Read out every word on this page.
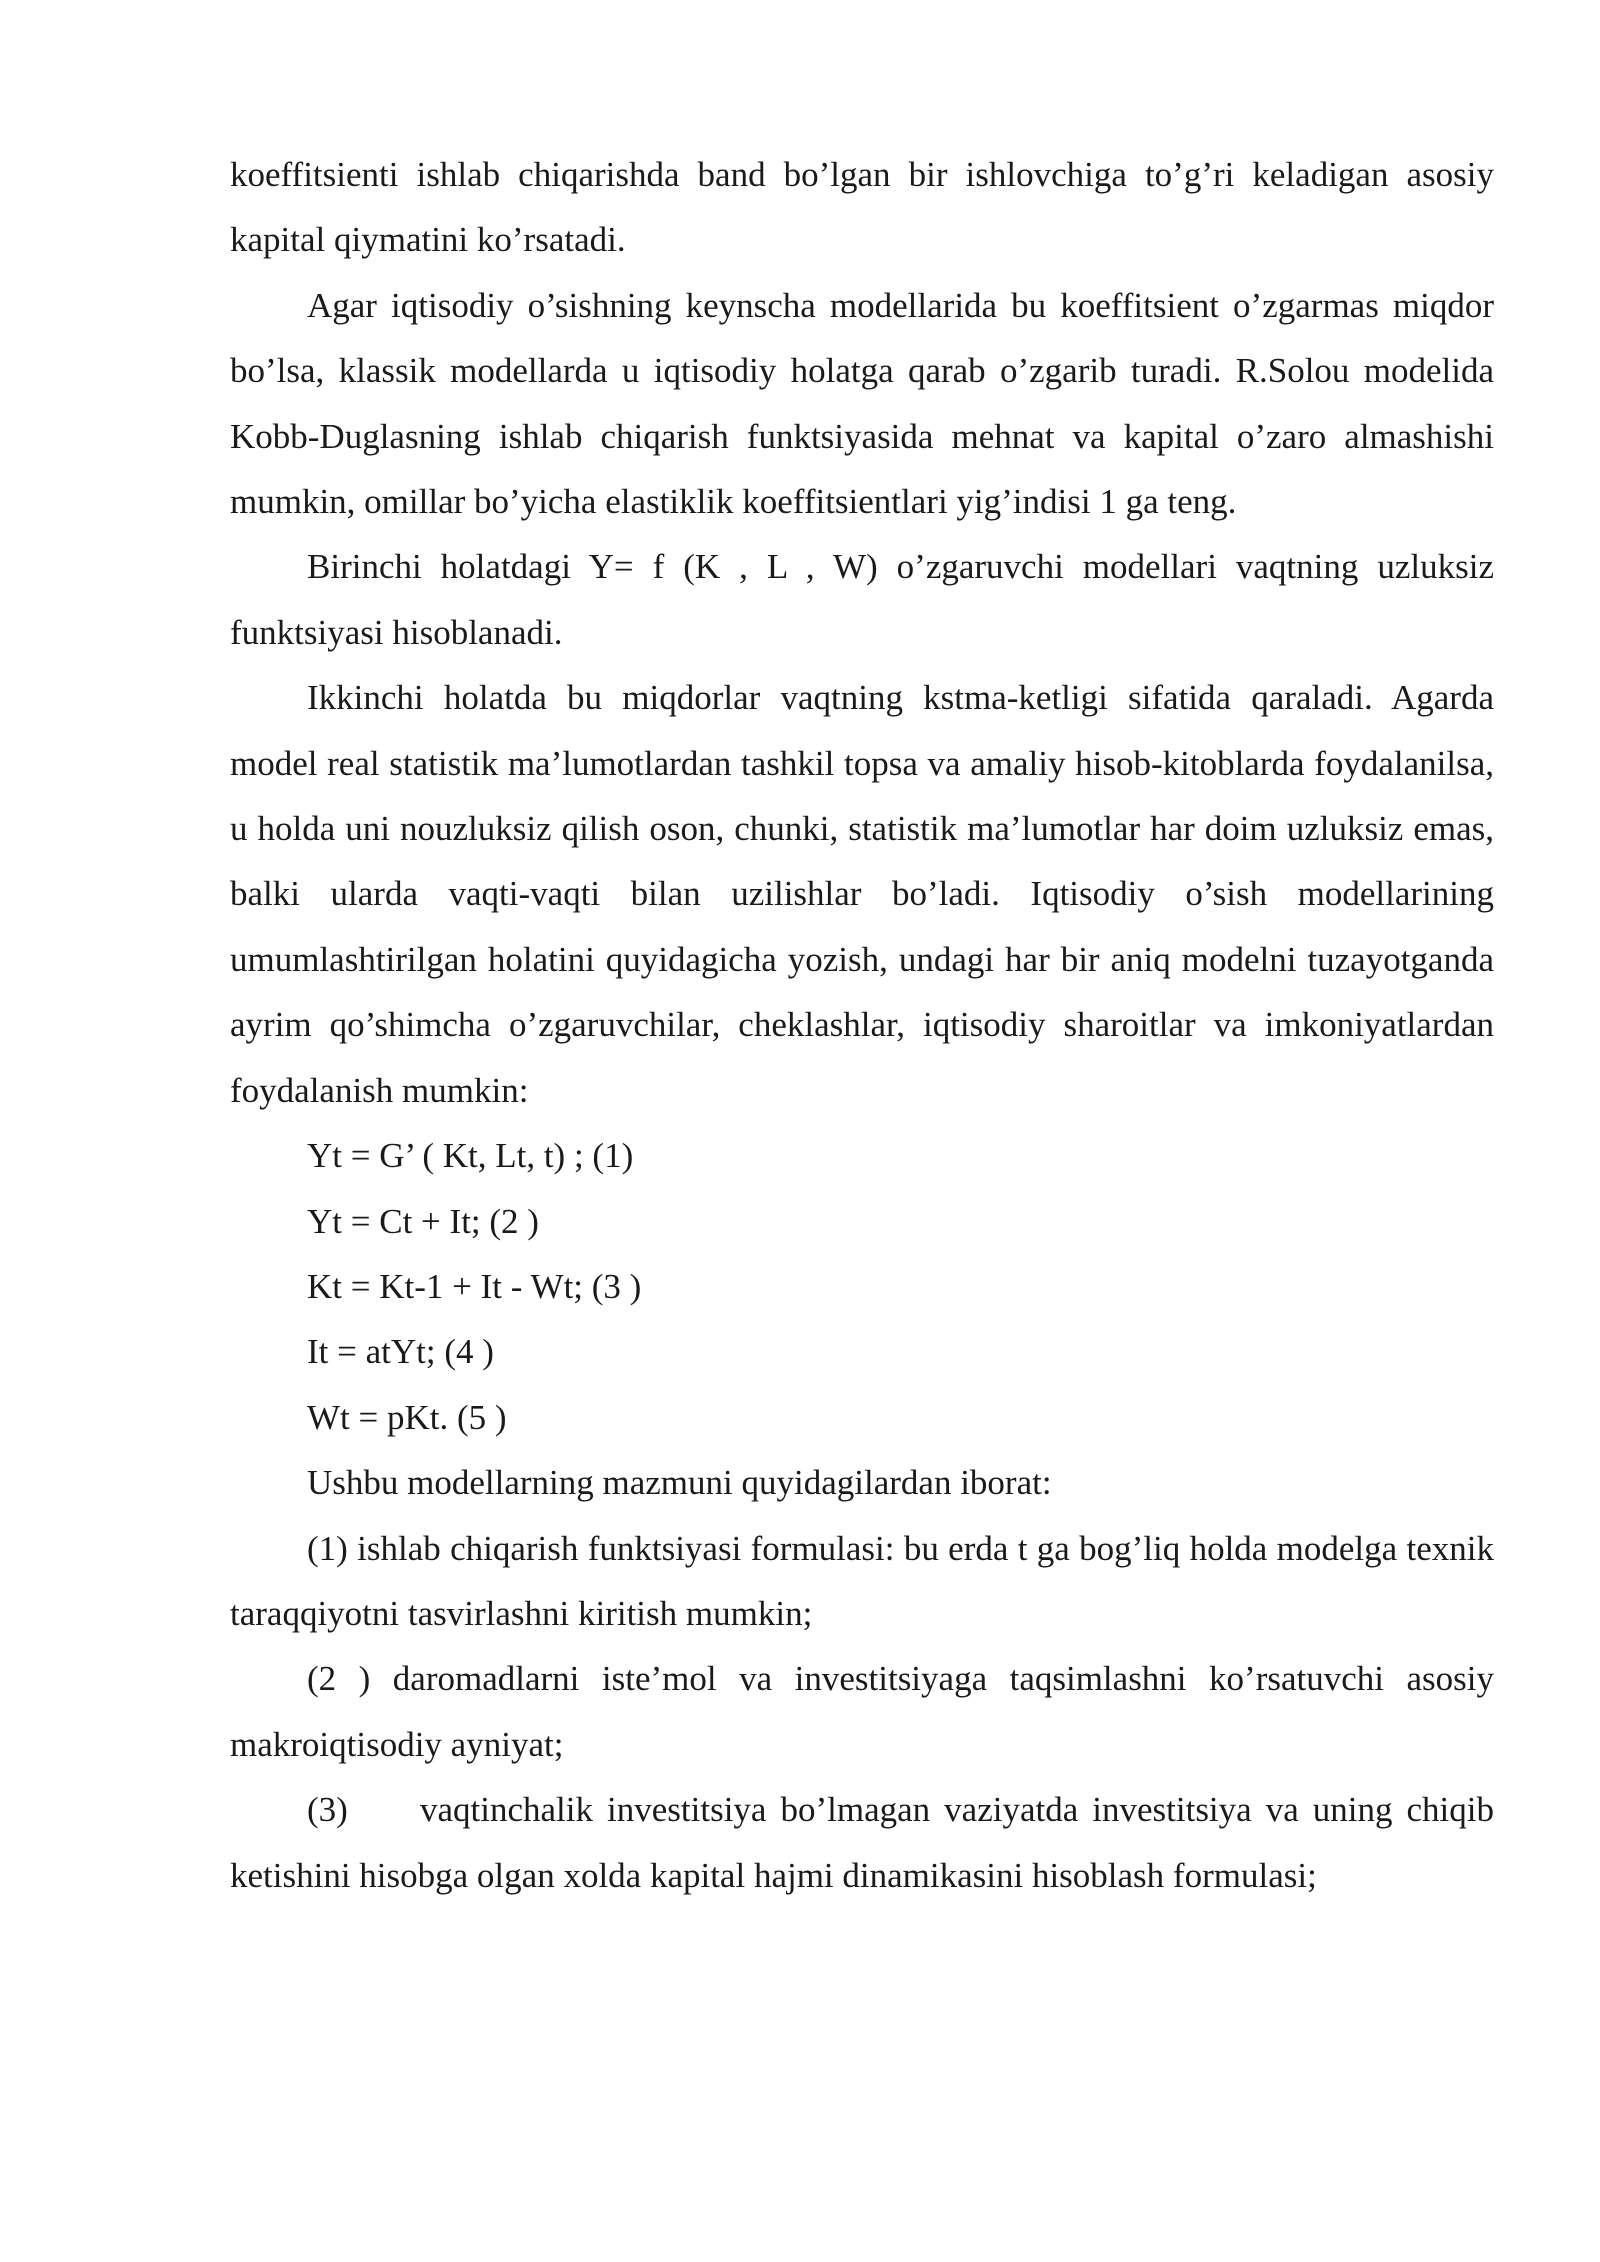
koeffitsienti ishlab chiqarishda band bo’lgan bir ishlovchiga to’g’ri keladigan asosiy kapital qiymatini ko’rsatadi.

Agar iqtisodiy o’sishning keynscha modellarida bu koeffitsient o’zgarmas miqdor bo’lsa, klassik modellarda u iqtisodiy holatga qarab o’zgarib turadi. R.Solou modelida Kobb-Duglasning ishlab chiqarish funktsiyasida mehnat va kapital o’zaro almashishi mumkin, omillar bo’yicha elastiklik koeffitsientlari yig’indisi 1 ga teng.

Birinchi holatdagi Y= f (K , L , W) o’zgaruvchi modellari vaqtning uzluksiz funktsiyasi hisoblanadi.

Ikkinchi holatda bu miqdorlar vaqtning kstma-ketligi sifatida qaraladi. Agarda model real statistik ma’lumotlardan tashkil topsa va amaliy hisob-kitoblarda foydalanilsa, u holda uni nouzluksiz qilish oson, chunki, statistik ma’lumotlar har doim uzluksiz emas, balki ularda vaqti-vaqti bilan uzilishlar bo’ladi. Iqtisodiy o’sish modellarining umumlashtirilgan holatini quyidagicha yozish, undagi har bir aniq modelni tuzayotganda ayrim qo’shimcha o’zgaruvchilar, cheklashlar, iqtisodiy sharoitlar va imkoniyatlardan foydalanish mumkin:

Yt = G’ ( Kt, Lt, t) ; (1)

Yt = Ct + It; (2 )

Kt = Kt-1 + It - Wt; (3 )

It = atYt; (4 )

Wt = pKt. (5 )

Ushbu modellarning mazmuni quyidagilardan iborat:

(1) ishlab chiqarish funktsiyasi formulasi: bu erda t ga bog’liq holda modelga texnik taraqqiyotni tasvirlashni kiritish mumkin;

(2 ) daromadlarni iste’mol va investitsiyaga taqsimlashni ko’rsatuvchi asosiy makroiqtisodiy ayniyat;

(3) vaqtinchalik investitsiya bo’lmagan vaziyatda investitsiya va uning chiqib ketishini hisobga olgan xolda kapital hajmi dinamikasini hisoblash formulasi;
